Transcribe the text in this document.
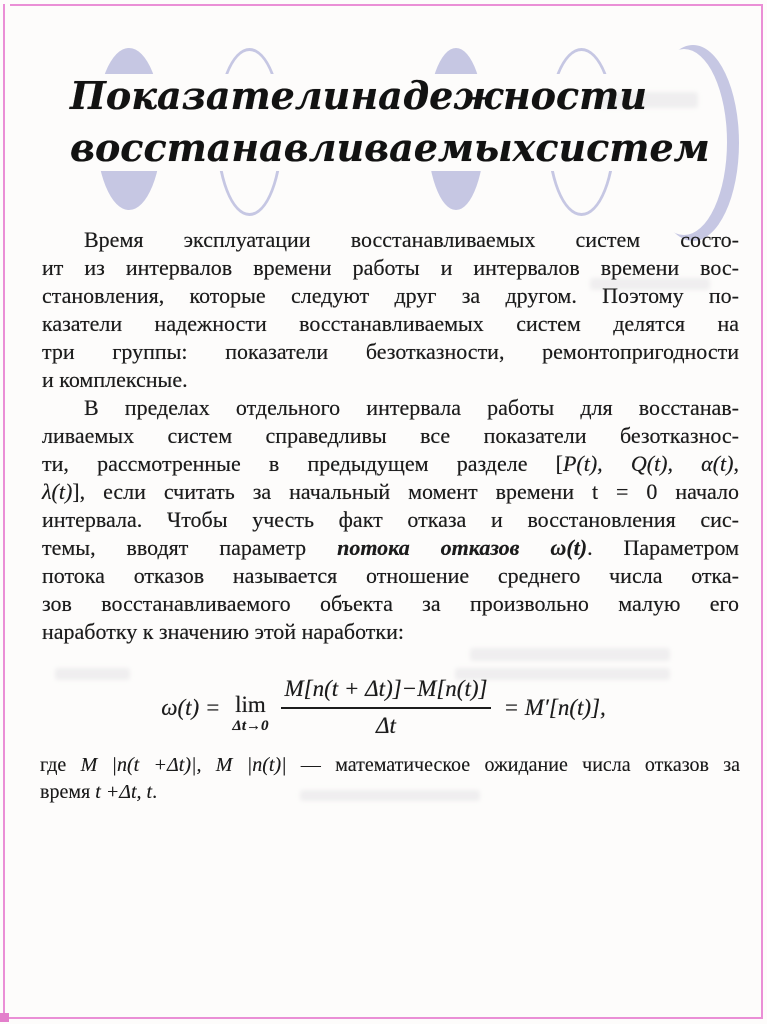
Показатели надежности
восстанавливаемых систем
Время эксплуатации восстанавливаемых систем состо-
ит из интервалов времени работы и интервалов времени вос-
становления, которые следуют друг за другом. Поэтому по-
казатели надежности восстанавливаемых систем делятся на
три группы: показатели безотказности, ремонтопригодности
и комплексные.
В пределах отдельного интервала работы для восстанав-
ливаемых систем справедливы все показатели безотказнос-
ти, рассмотренные в предыдущем разделе [P(t), Q(t), α(t),
λ(t)], если считать за начальный момент времени t = 0 начало
интервала. Чтобы учесть факт отказа и восстановления сис-
темы, вводят параметр потока отказов ω(t). Параметром
потока отказов называется отношение среднего числа отка-
зов восстанавливаемого объекта за произвольно малую его
наработку к значению этой наработки:
ω(t) = lim
$\Delta t\to 0 \frac{M[n(t + \Delta t)]-M[n(t)]}{\Delta t} = M'[n(t)]$,
где M |n(t +Δt)|, M |n(t)| — математическое ожидание числа отказов за
время t +Δt, t.
